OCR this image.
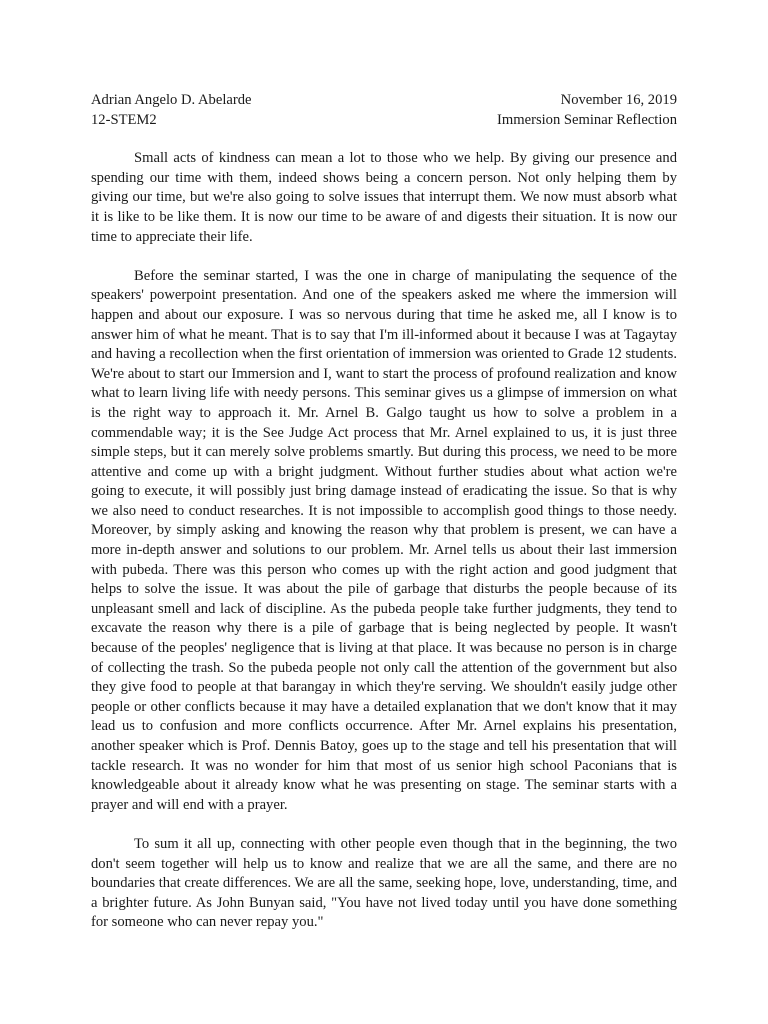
Adrian Angelo D. Abelarde
12-STEM2
November 16, 2019
Immersion Seminar Reflection

Small acts of kindness can mean a lot to those who we help. By giving our presence and spending our time with them, indeed shows being a concern person. Not only helping them by giving our time, but we're also going to solve issues that interrupt them. We now must absorb what it is like to be like them. It is now our time to be aware of and digests their situation. It is now our time to appreciate their life.

Before the seminar started, I was the one in charge of manipulating the sequence of the speakers' powerpoint presentation. And one of the speakers asked me where the immersion will happen and about our exposure. I was so nervous during that time he asked me, all I know is to answer him of what he meant. That is to say that I'm ill-informed about it because I was at Tagaytay and having a recollection when the first orientation of immersion was oriented to Grade 12 students. We're about to start our Immersion and I, want to start the process of profound realization and know what to learn living life with needy persons. This seminar gives us a glimpse of immersion on what is the right way to approach it. Mr. Arnel B. Galgo taught us how to solve a problem in a commendable way; it is the See Judge Act process that Mr. Arnel explained to us, it is just three simple steps, but it can merely solve problems smartly. But during this process, we need to be more attentive and come up with a bright judgment. Without further studies about what action we're going to execute, it will possibly just bring damage instead of eradicating the issue. So that is why we also need to conduct researches. It is not impossible to accomplish good things to those needy. Moreover, by simply asking and knowing the reason why that problem is present, we can have a more in-depth answer and solutions to our problem. Mr. Arnel tells us about their last immersion with pubeda. There was this person who comes up with the right action and good judgment that helps to solve the issue. It was about the pile of garbage that disturbs the people because of its unpleasant smell and lack of discipline. As the pubeda people take further judgments, they tend to excavate the reason why there is a pile of garbage that is being neglected by people. It wasn't because of the peoples' negligence that is living at that place. It was because no person is in charge of collecting the trash. So the pubeda people not only call the attention of the government but also they give food to people at that barangay in which they're serving. We shouldn't easily judge other people or other conflicts because it may have a detailed explanation that we don't know that it may lead us to confusion and more conflicts occurrence. After Mr. Arnel explains his presentation, another speaker which is Prof. Dennis Batoy, goes up to the stage and tell his presentation that will tackle research. It was no wonder for him that most of us senior high school Paconians that is knowledgeable about it already know what he was presenting on stage. The seminar starts with a prayer and will end with a prayer.

To sum it all up, connecting with other people even though that in the beginning, the two don't seem together will help us to know and realize that we are all the same, and there are no boundaries that create differences. We are all the same, seeking hope, love, understanding, time, and a brighter future. As John Bunyan said, "You have not lived today until you have done something for someone who can never repay you."
